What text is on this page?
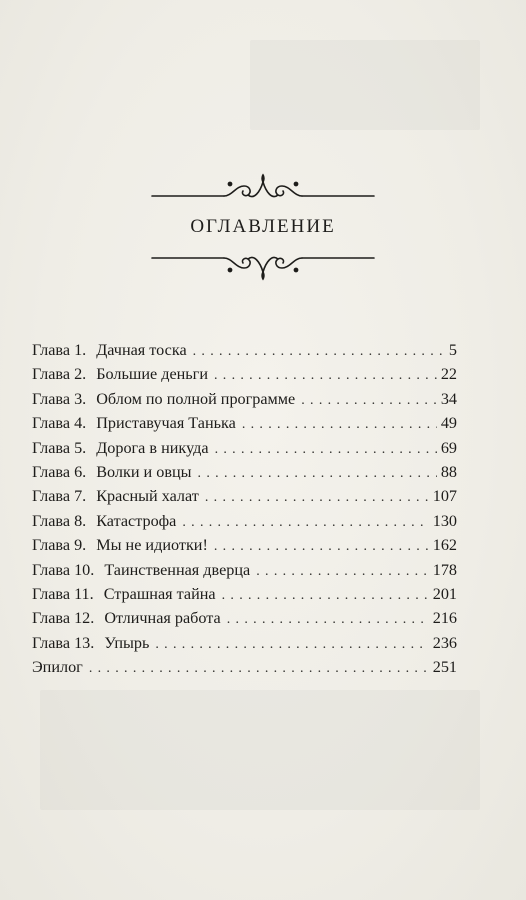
оглавление
Глава 1. Дачная тоска . . .	5
Глава 2. Большие деньги . . .	22
Глава 3. Облом по полной программе . . .	34
Глава 4. Приставучая Танька . . .	49
Глава 5. Дорога в никуда . . .	69
Глава 6. Волки и овцы . . .	88
Глава 7. Красный халат . . .	107
Глава 8. Катастрофа . . .	130
Глава 9. Мы не идиотки! . . .	162
Глава 10. Таинственная дверца . . .	178
Глава 11. Страшная тайна . . .	201
Глава 12. Отличная работа . . .	216
Глава 13. Упырь . . .	236
Эпилог . . .	251
